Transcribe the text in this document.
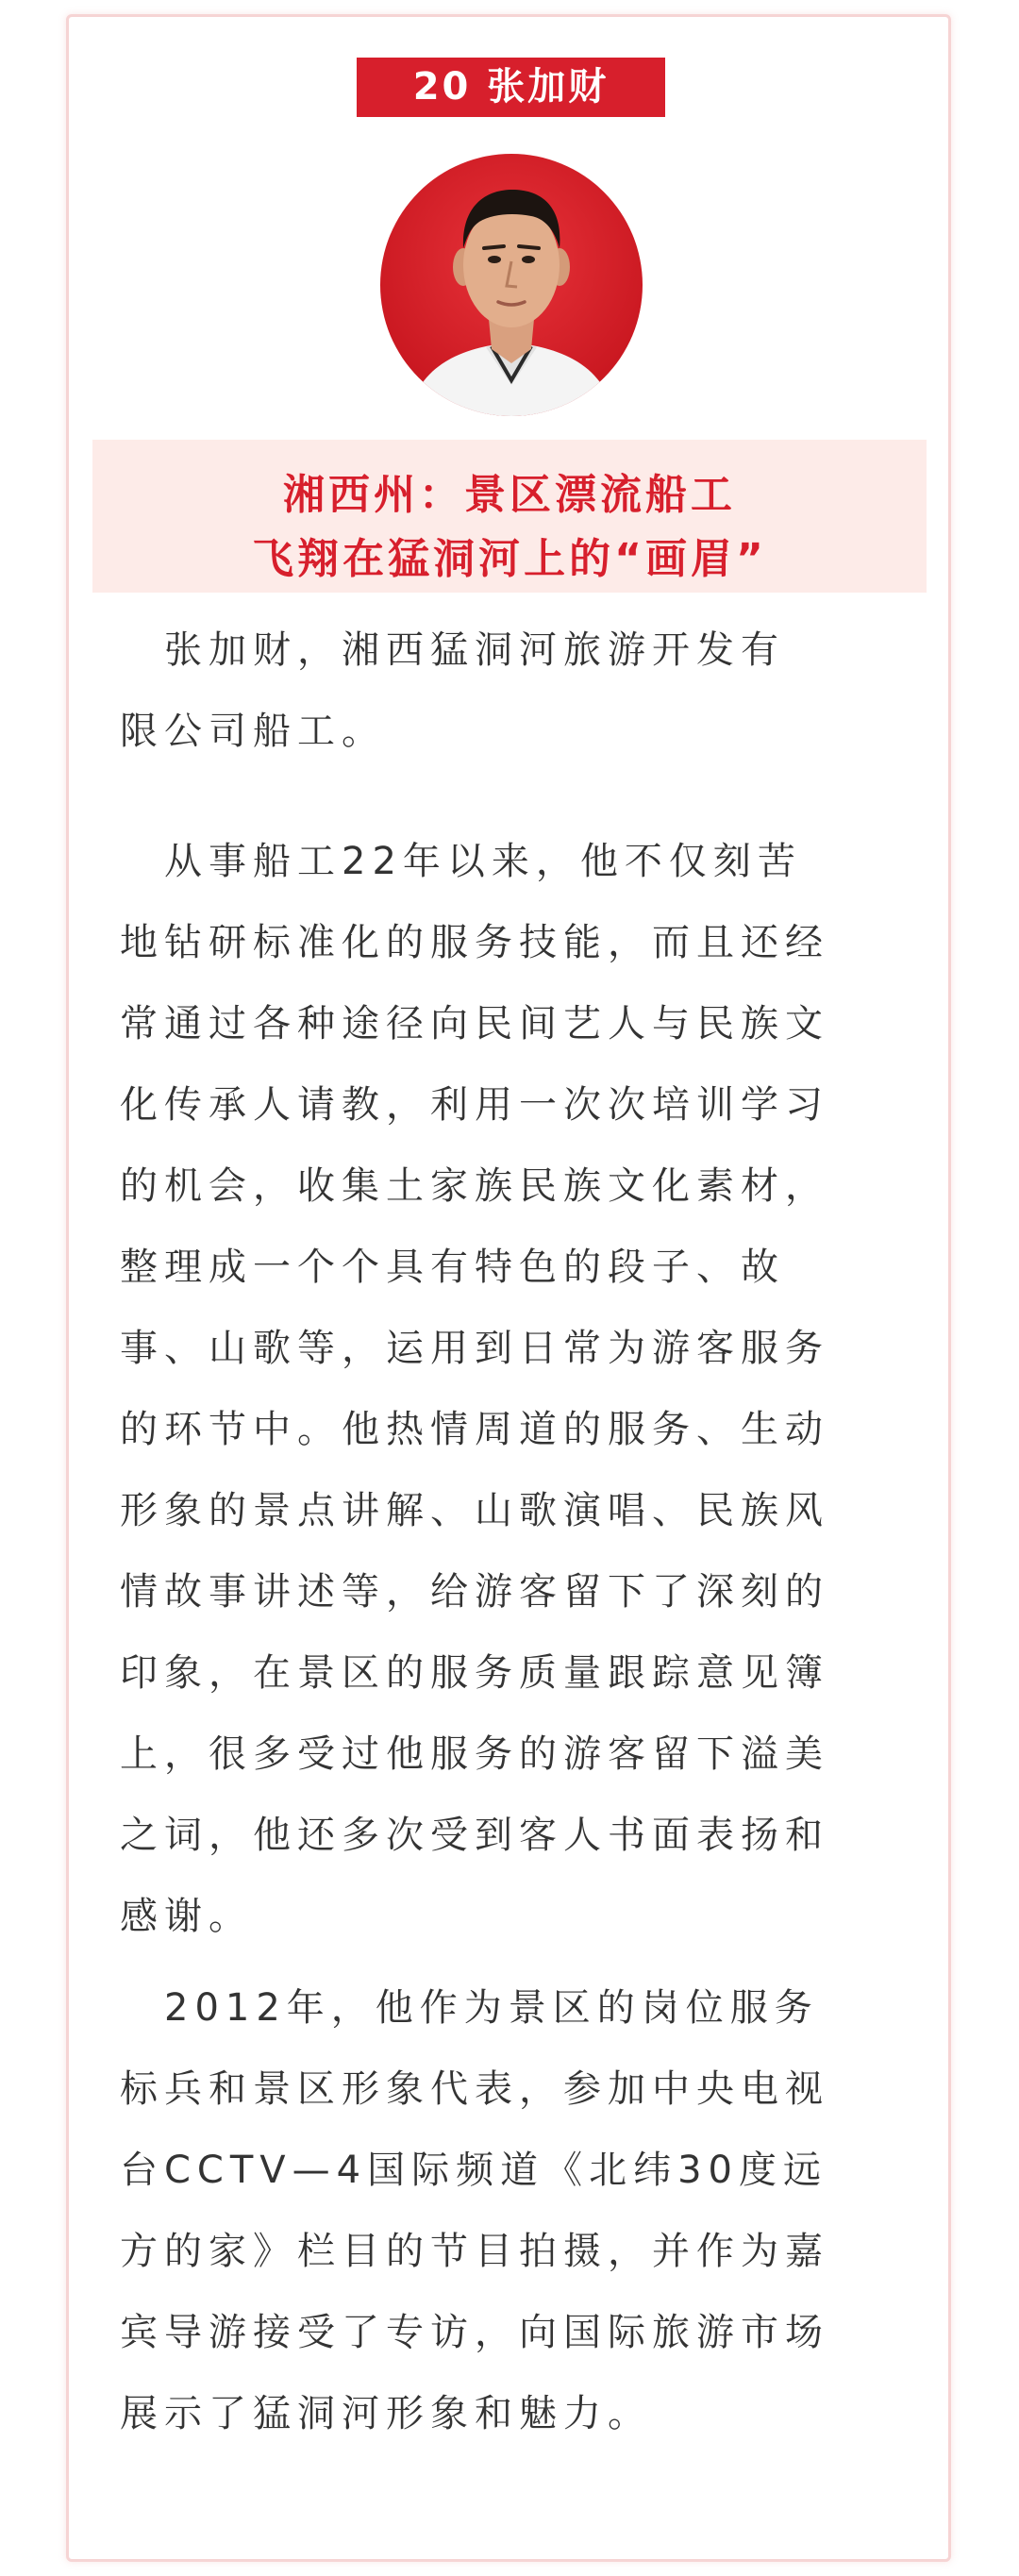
20 张加财
湘西州：景区漂流船工
飞翔在猛洞河上的“画眉”
　张加财，湘西猛洞河旅游开发有
限公司船工。
　从事船工22年以来，他不仅刻苦
地钻研标准化的服务技能，而且还经
常通过各种途径向民间艺人与民族文
化传承人请教，利用一次次培训学习
的机会，收集土家族民族文化素材，
整理成一个个具有特色的段子、故
事、山歌等，运用到日常为游客服务
的环节中。他热情周道的服务、生动
形象的景点讲解、山歌演唱、民族风
情故事讲述等，给游客留下了深刻的
印象，在景区的服务质量跟踪意见簿
上，很多受过他服务的游客留下溢美
之词，他还多次受到客人书面表扬和
感谢。
　2012年，他作为景区的岗位服务
标兵和景区形象代表，参加中央电视
台CCTV—4国际频道《北纬30度远
方的家》栏目的节目拍摄，并作为嘉
宾导游接受了专访，向国际旅游市场
展示了猛洞河形象和魅力。
